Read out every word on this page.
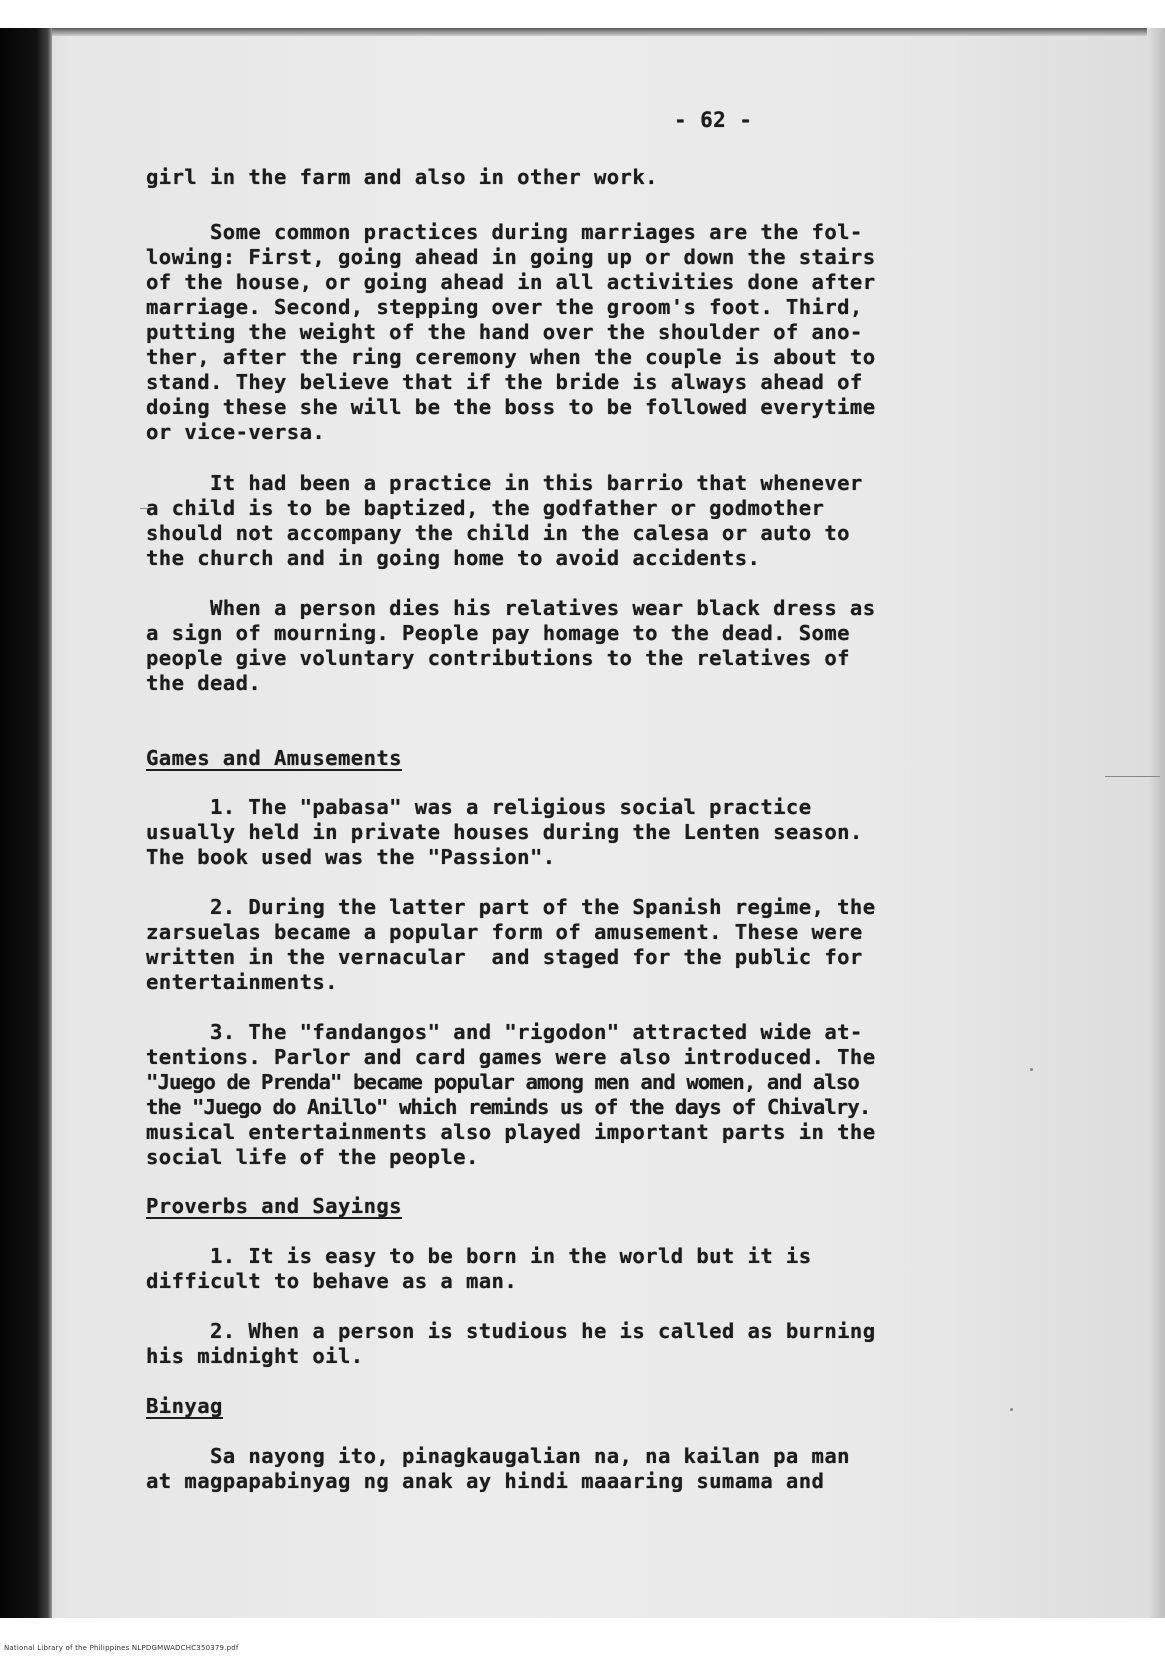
- 62 -

girl in the farm and also in other work.

Some common practices during marriages are the fol-

lowing: First, going ahead in going up or down the stairs

of the house, or going ahead in all activities done after

marriage. Second, stepping over the groom's foot. Third,

putting the weight of the hand over the shoulder of ano-

ther, after the ring ceremony when the couple is about to

stand. They believe that if the bride is always ahead of

doing these she will be the boss to be followed everytime

or vice-versa.

It had been a practice in this barrio that whenever

a child is to be baptized, the godfather or godmother

should not accompany the child in the calesa or auto to

the church and in going home to avoid accidents.

When a person dies his relatives wear black dress as

a sign of mourning. People pay homage to the dead. Some

people give voluntary contributions to the relatives of

the dead.

Games and Amusements

1. The "pabasa" was a religious social practice

usually held in private houses during the Lenten season.

The book used was the "Passion".

2. During the latter part of the Spanish regime, the

zarsuelas became a popular form of amusement. These were

written in the vernacular  and staged for the public for

entertainments.

3. The "fandangos" and "rigodon" attracted wide at-

tentions. Parlor and card games were also introduced. The

"Juego de Prenda" became popular among men and women, and also

the "Juego do Anillo" which reminds us of the days of Chivalry.

musical entertainments also played important parts in the

social life of the people.

Proverbs and Sayings

1. It is easy to be born in the world but it is

difficult to behave as a man.

2. When a person is studious he is called as burning

his midnight oil.

Binyag

Sa nayong ito, pinagkaugalian na, na kailan pa man

at magpapabinyag ng anak ay hindi maaaring sumama and

National Library of the Philippines NLPDGMWADCHC350379.pdf
